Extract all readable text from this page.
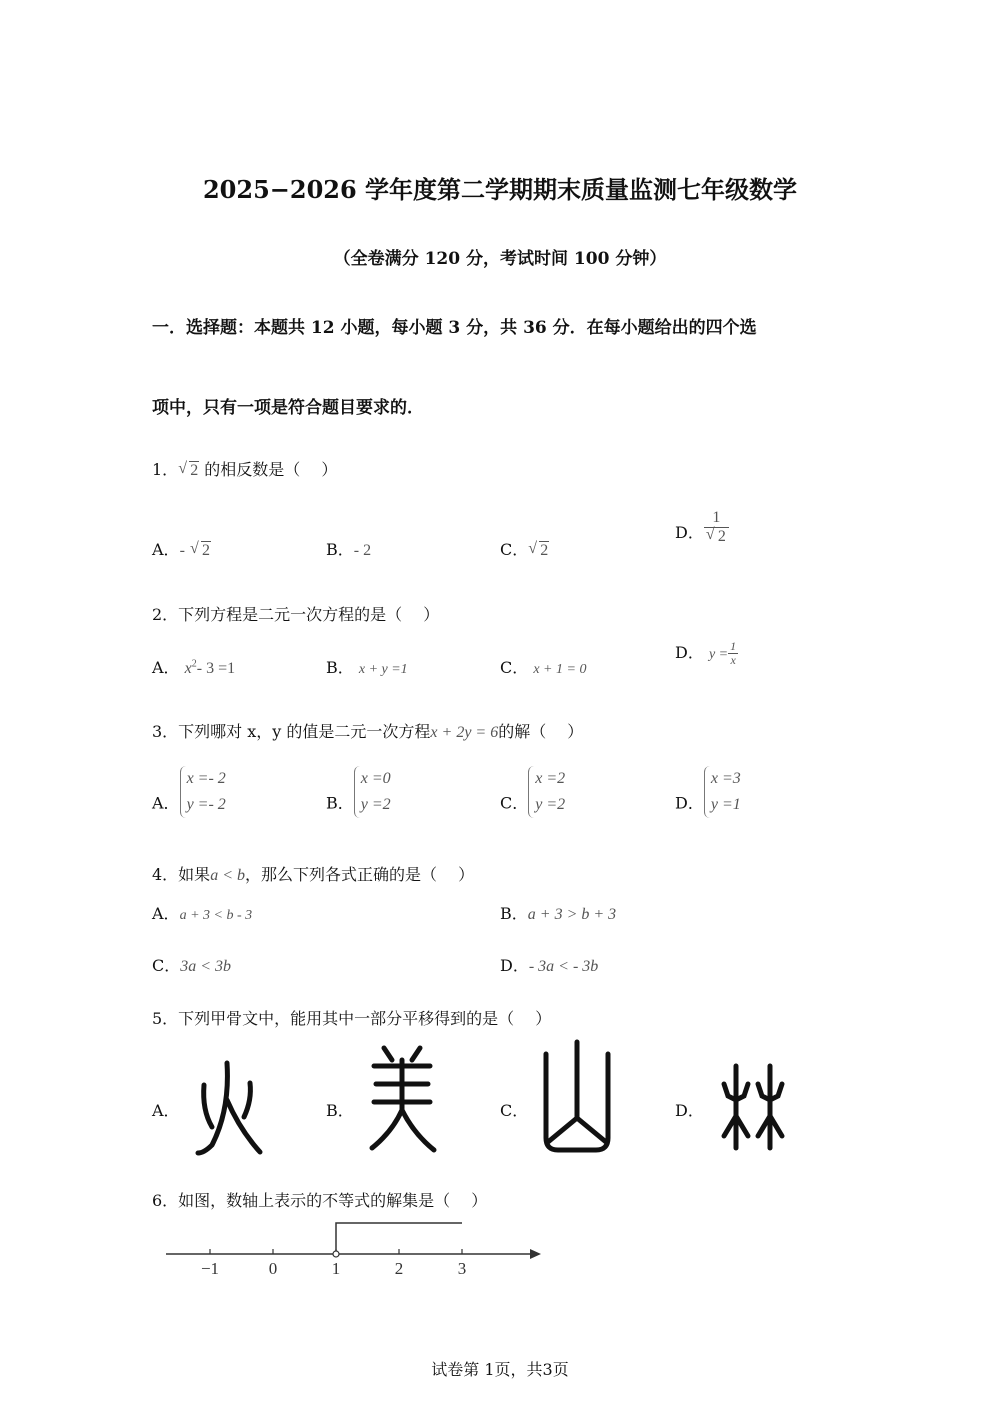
2025−2026 学年度第二学期期末质量监测七年级数学
（全卷满分 120 分，考试时间 100 分钟）
一．选择题：本题共 12 小题，每小题 3 分，共 36 分．在每小题给出的四个选
项中，只有一项是符合题目要求的．
1． √ 2 的相反数是（　 ）
A．- √ 2	B．- 2	C． √ 2
D． 1
√ 2
2．下列方程是二元一次方程的是（　 ）
A． $x^2-$ 3 =1	B． x + y =1	C． x + 1 = 0
D． $y = \frac{1}{x}$
3．下列哪对 x，y 的值是二元一次方程x + 2y = 6的解（　 ）
A．
x =- 2
y =- 2	B．
x =0
y =2	C．
x =2
y =2	D．
x =3
y =1
4．如果a < b，那么下列各式正确的是（　 ）
A．a + 3 < b - 3	B．a + 3 > b + 3
C．3a < 3b	D．- 3a < - 3b
5．下列甲骨文中，能用其中一部分平移得到的是（　 ）
A．	B．	C．	D．
6．如图，数轴上表示的不等式的解集是（　 ）
−1	0	1	2	3
试卷第 1页，共3页
